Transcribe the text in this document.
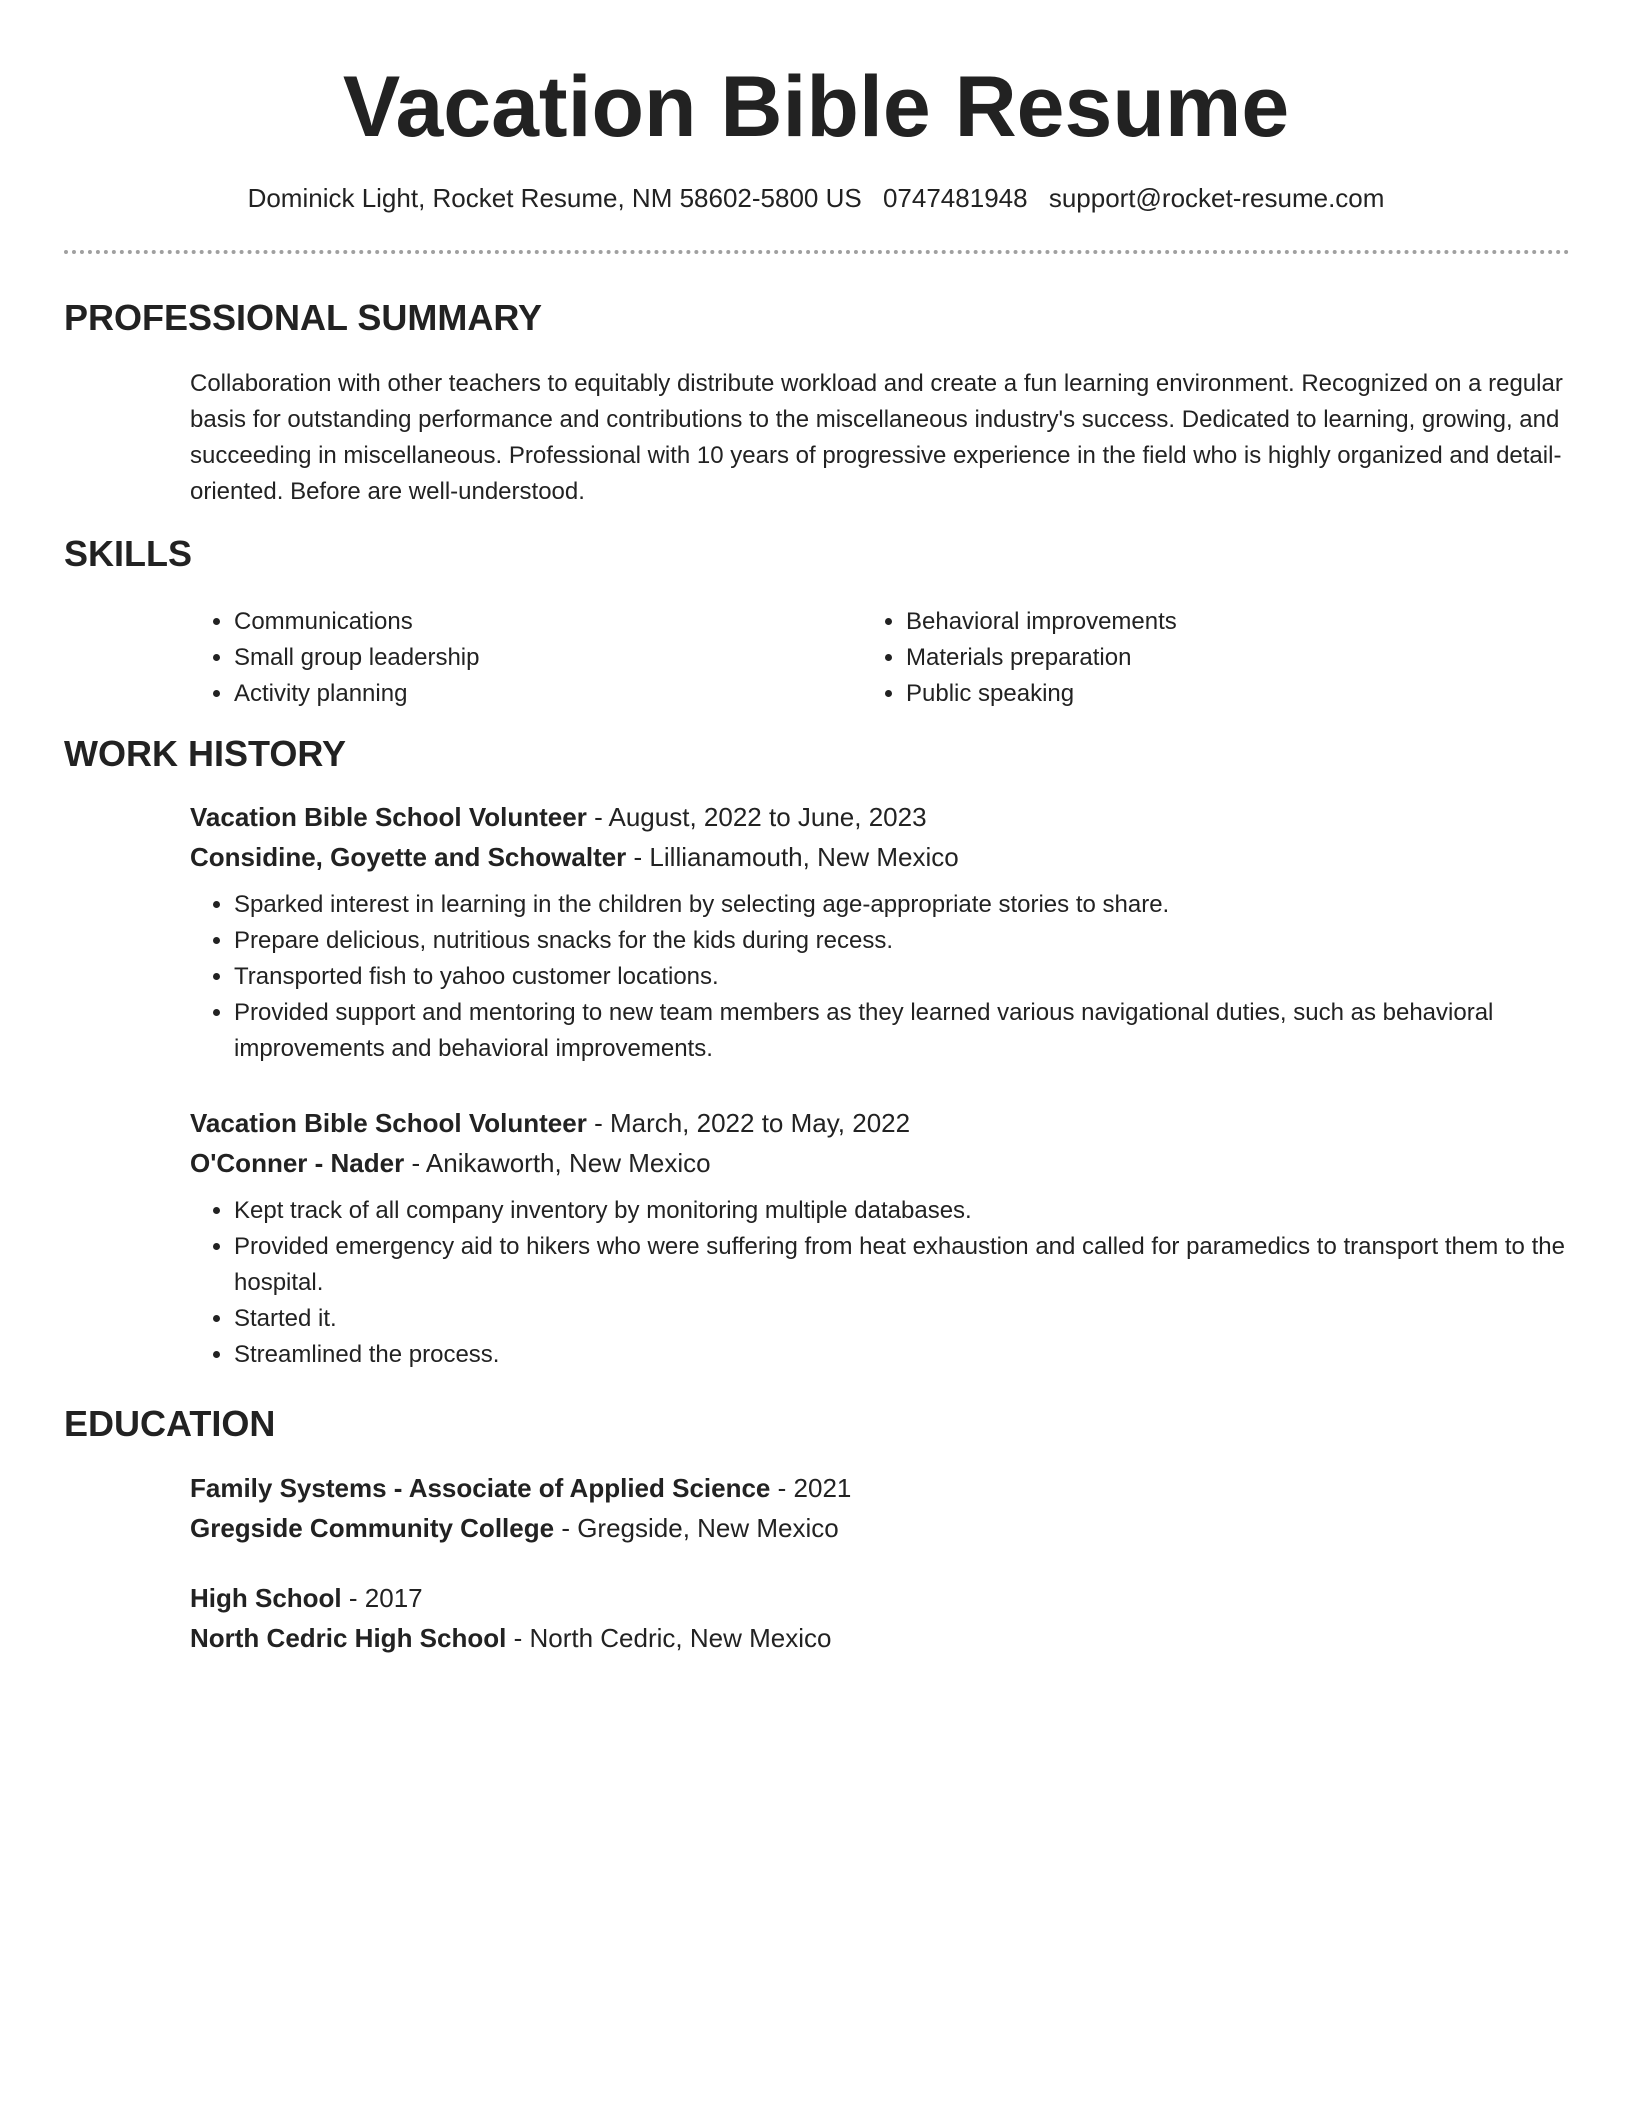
Vacation Bible Resume
Dominick Light, Rocket Resume, NM 58602-5800 US 0747481948 support@rocket-resume.com
PROFESSIONAL SUMMARY

Collaboration with other teachers to equitably distribute workload and create a fun learning environment. Recognized on a regular basis for outstanding performance and contributions to the miscellaneous industry's success. Dedicated to learning, growing, and succeeding in miscellaneous. Professional with 10 years of progressive experience in the field who is highly organized and detail-oriented. Before are well-understood.

SKILLS
• Communications
• Small group leadership
• Activity planning
• Behavioral improvements
• Materials preparation
• Public speaking
WORK HISTORY

Vacation Bible School Volunteer - August, 2022 to June, 2023

Considine, Goyette and Schowalter - Lillianamouth, New Mexico

• Sparked interest in learning in the children by selecting age-appropriate stories to share.
• Prepare delicious, nutritious snacks for the kids during recess.
• Transported fish to yahoo customer locations.
• Provided support and mentoring to new team members as they learned various navigational duties, such as behavioral improvements and behavioral improvements.

Vacation Bible School Volunteer - March, 2022 to May, 2022

O'Conner - Nader - Anikaworth, New Mexico

• Kept track of all company inventory by monitoring multiple databases.
• Provided emergency aid to hikers who were suffering from heat exhaustion and called for paramedics to transport them to the hospital.
• Started it.
• Streamlined the process.
EDUCATION

Family Systems - Associate of Applied Science - 2021

Gregside Community College - Gregside, New Mexico

High School - 2017

North Cedric High School - North Cedric, New Mexico
